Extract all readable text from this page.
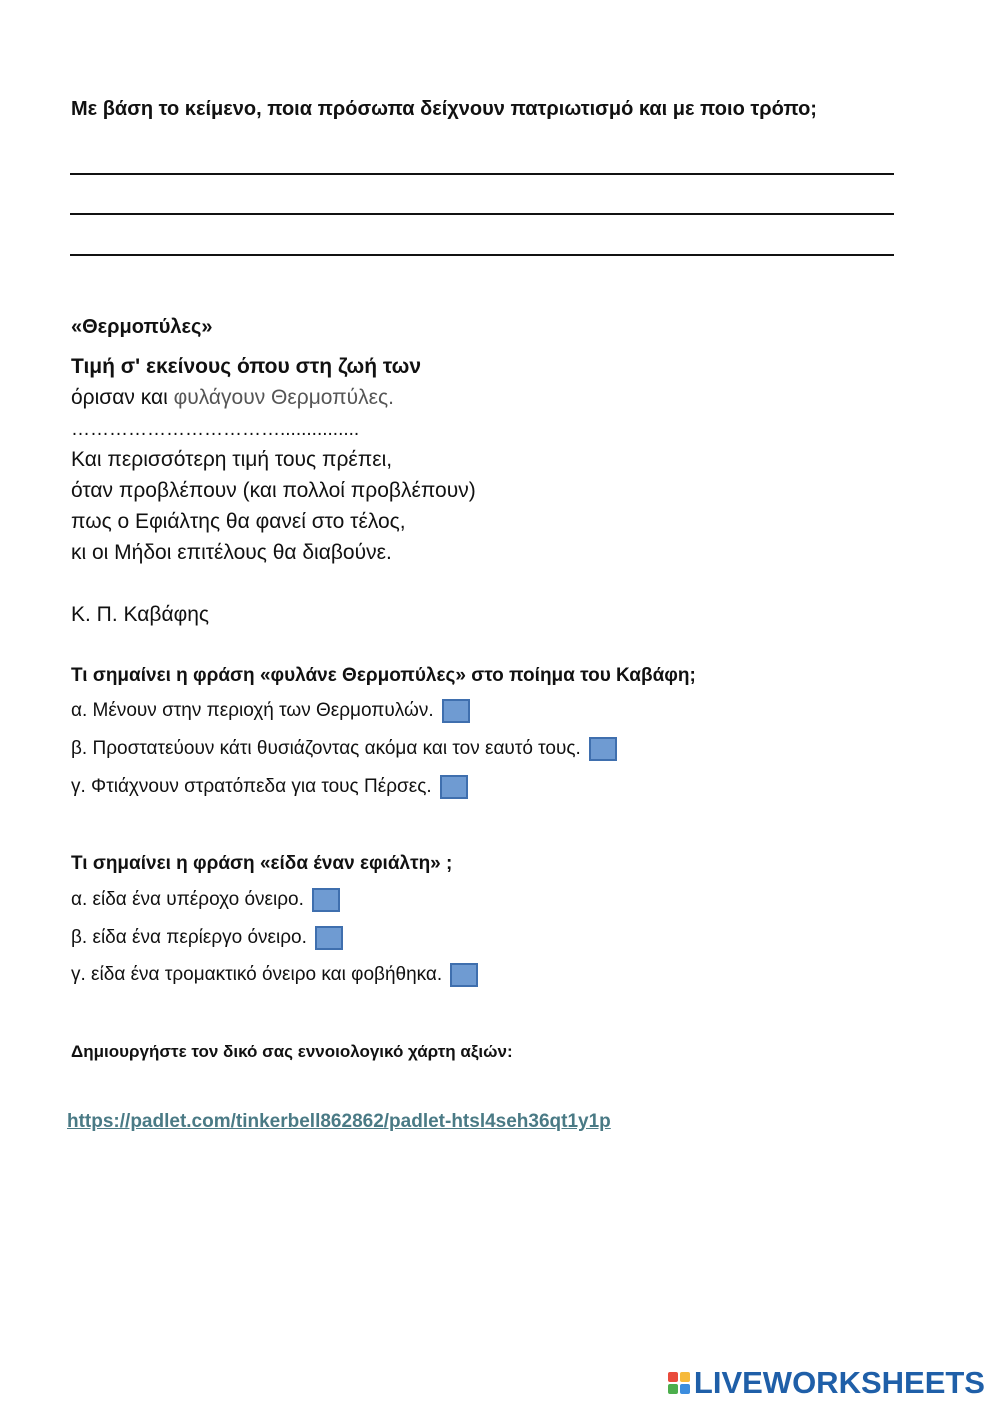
Με βάση το κείμενο, ποια πρόσωπα δείχνουν πατριωτισμό και με ποιο τρόπο;
«Θερμοπύλες»
Τιμή σ' εκείνους όπου στη ζωή των
όρισαν και φυλάγουν Θερμοπύλες.
……………………………...............
Και περισσότερη τιμή τους πρέπει,
όταν προβλέπουν (και πολλοί προβλέπουν)
πως ο Εφιάλτης θα φανεί στο τέλος,
κι οι Μήδοι επιτέλους θα διαβούνε.
Κ. Π. Καβάφης
Τι σημαίνει η φράση «φυλάνε Θερμοπύλες» στο ποίημα του Καβάφη;
α. Μένουν στην περιοχή των Θερμοπυλών.
β. Προστατεύουν κάτι θυσιάζοντας ακόμα και τον εαυτό τους.
γ. Φτιάχνουν στρατόπεδα για τους Πέρσες.
Τι σημαίνει η φράση «είδα έναν εφιάλτη» ;
α. είδα ένα υπέροχο όνειρο.
β. είδα ένα περίεργο όνειρο.
γ. είδα ένα τρομακτικό όνειρο και φοβήθηκα.
Δημιουργήστε τον δικό σας εννοιολογικό χάρτη αξιών:
https://padlet.com/tinkerbell862862/padlet-htsl4seh36qt1y1p
LIVEWORKSHEETS
